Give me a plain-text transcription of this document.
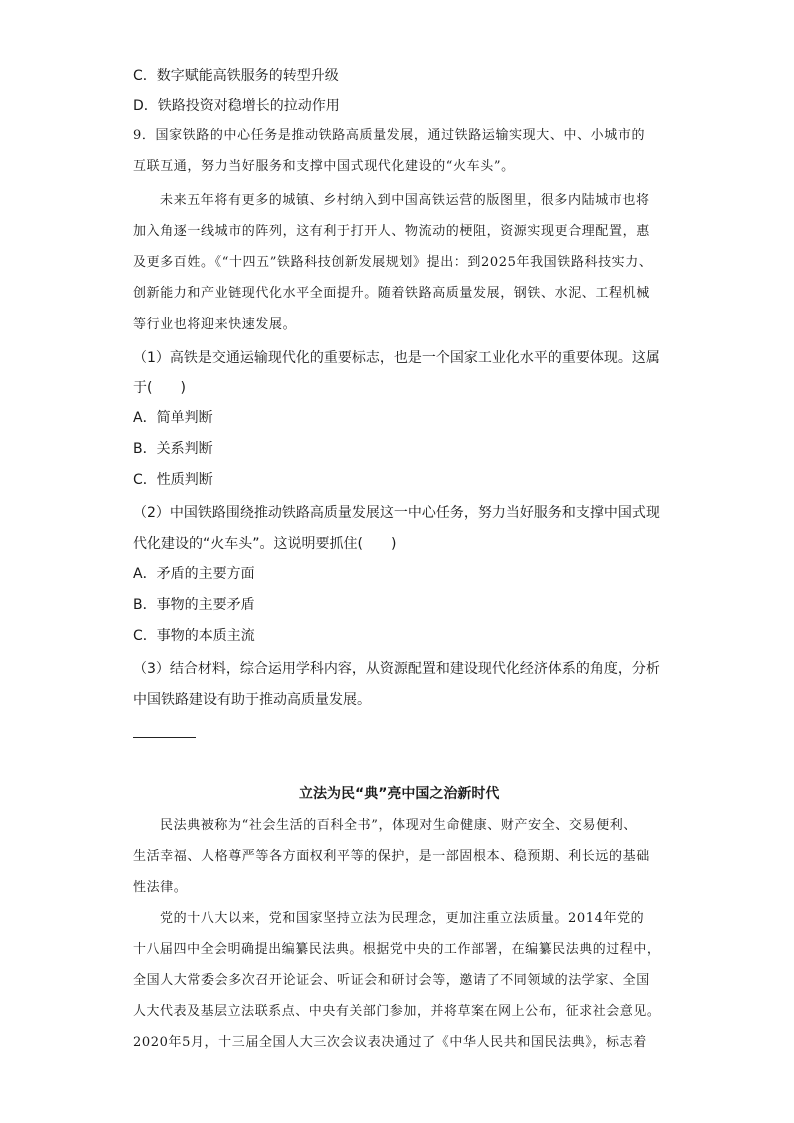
C．数字赋能高铁服务的转型升级
D．铁路投资对稳增长的拉动作用
9．国家铁路的中心任务是推动铁路高质量发展，通过铁路运输实现大、中、小城市的
互联互通，努力当好服务和支撑中国式现代化建设的“火车头”。
未来五年将有更多的城镇、乡村纳入到中国高铁运营的版图里，很多内陆城市也将
加入角逐一线城市的阵列，这有利于打开人、物流动的梗阻，资源实现更合理配置，惠
及更多百姓。《“十四五”铁路科技创新发展规划》提出：到2025年我国铁路科技实力、
创新能力和产业链现代化水平全面提升。随着铁路高质量发展，钢铁、水泥、工程机械
等行业也将迎来快速发展。
（1）高铁是交通运输现代化的重要标志，也是一个国家工业化水平的重要体现。这属
于(　　)
A．简单判断
B．关系判断
C．性质判断
（2）中国铁路围绕推动铁路高质量发展这一中心任务，努力当好服务和支撑中国式现
代化建设的“火车头”。这说明要抓住(　　)
A．矛盾的主要方面
B．事物的主要矛盾
C．事物的本质主流
（3）结合材料，综合运用学科内容，从资源配置和建设现代化经济体系的角度，分析
中国铁路建设有助于推动高质量发展。
立法为民“典”亮中国之治新时代
民法典被称为“社会生活的百科全书”，体现对生命健康、财产安全、交易便利、
生活幸福、人格尊严等各方面权利平等的保护，是一部固根本、稳预期、利长远的基础
性法律。
党的十八大以来，党和国家坚持立法为民理念，更加注重立法质量。2014年党的
十八届四中全会明确提出编纂民法典。根据党中央的工作部署，在编纂民法典的过程中，
全国人大常委会多次召开论证会、听证会和研讨会等，邀请了不同领域的法学家、全国
人大代表及基层立法联系点、中央有关部门参加，并将草案在网上公布，征求社会意见。
2020年5月，十三届全国人大三次会议表决通过了《中华人民共和国民法典》，标志着
